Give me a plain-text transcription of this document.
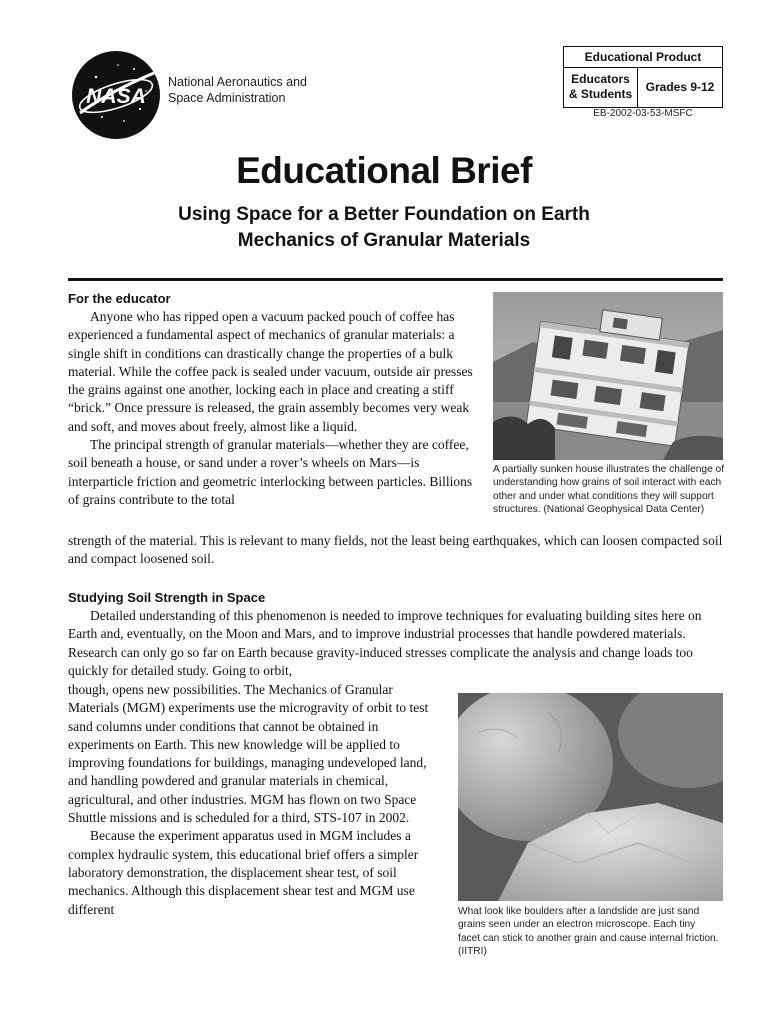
NASA
National Aeronautics and
Space Administration
Educational Product
Educators
& Students	Grades 9-12
EB-2002-03-53-MSFC
Educational Brief
Using Space for a Better Foundation on Earth
Mechanics of Granular Materials
For the educator

Anyone who has ripped open a vacuum packed pouch of coffee has experienced a fundamental aspect of mechanics of granular materials: a single shift in conditions can drastically change the properties of a bulk material. While the coffee pack is sealed under vacuum, outside air presses the grains against one another, locking each in place and creating a stiff “brick.” Once pressure is released, the grain assembly becomes very weak and soft, and moves about freely, almost like a liquid.

The principal strength of granular materials—whether they are coffee, soil beneath a house, or sand under a rover’s wheels on Mars—is interparticle friction and geometric interlocking between particles. Billions of grains contribute to the total

strength of the material. This is relevant to many fields, not the least being earthquakes, which can loosen compacted soil and compact loosened soil.

A partially sunken house illustrates the challenge of understanding how grains of soil interact with each other and under what conditions they will support structures. (National Geophysical Data Center)
Studying Soil Strength in Space

Detailed understanding of this phenomenon is needed to improve techniques for evaluating building sites here on Earth and, eventually, on the Moon and Mars, and to improve industrial processes that handle powdered materials. Research can only go so far on Earth because gravity-induced stresses complicate the analysis and change loads too quickly for detailed study. Going to orbit,

though, opens new possibilities. The Mechanics of Granular Materials (MGM) experiments use the microgravity of orbit to test sand columns under conditions that cannot be obtained in experiments on Earth. This new knowledge will be applied to improving foundations for buildings, managing undeveloped land, and handling powdered and granular materials in chemical, agricultural, and other industries. MGM has flown on two Space Shuttle missions and is scheduled for a third, STS-107 in 2002.

Because the experiment apparatus used in MGM includes a complex hydraulic system, this educational brief offers a simpler laboratory demonstration, the displacement shear test, of soil mechanics. Although this displacement shear test and MGM use different	What look like boulders after a landslide are just sand grains seen under an electron microscope. Each tiny facet can stick to another grain and cause internal friction. (IITRI)
